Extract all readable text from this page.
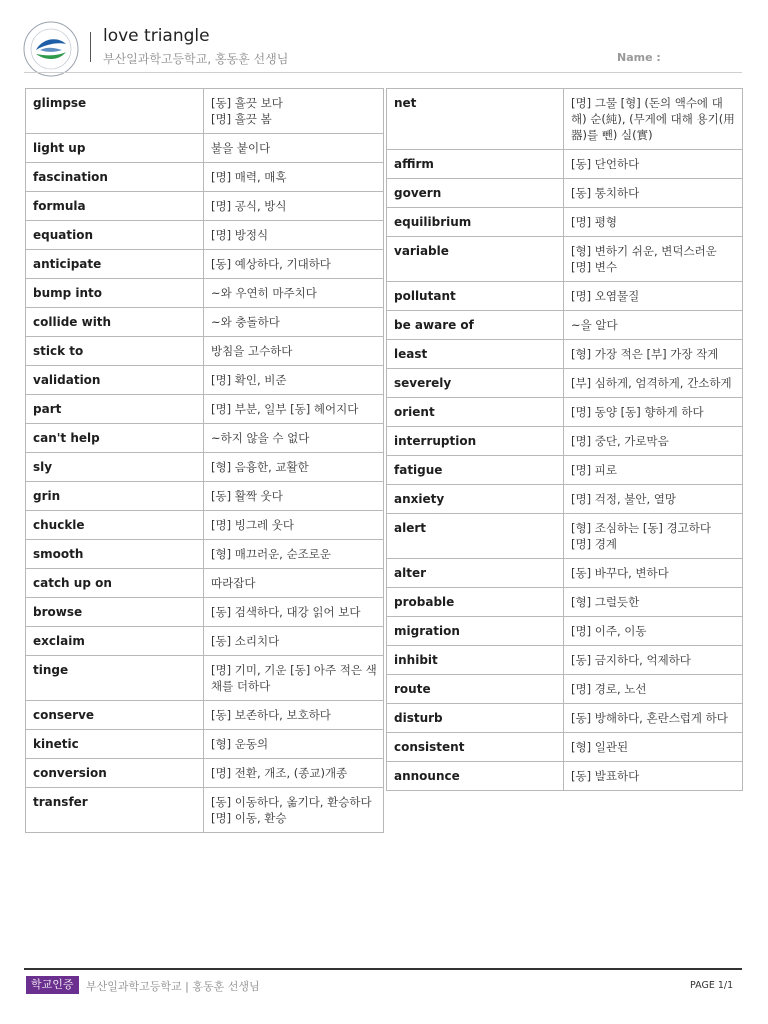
love triangle
부산일과학고등학교, 홍동훈 선생님	Name :
glimpse	[동] 흘끗 보다
[명] 흘끗 봄
light up	불을 붙이다
fascination	[명] 매력, 매혹
formula	[명] 공식, 방식
equation	[명] 방정식
anticipate	[동] 예상하다, 기대하다
bump into	~와 우연히 마주치다
collide with	~와 충돌하다
stick to	방침을 고수하다
validation	[명] 확인, 비준
part	[명] 부분, 일부 [동] 헤어지다
can't help	~하지 않을 수 없다
sly	[형] 음흉한, 교활한
grin	[동] 활짝 웃다
chuckle	[명] 빙그레 웃다
smooth	[형] 매끄러운, 순조로운
catch up on	따라잡다
browse	[동] 검색하다, 대강 읽어 보다
exclaim	[동] 소리치다
tinge	[명] 기미, 기운 [동] 아주 적은 색채를 더하다
conserve	[동] 보존하다, 보호하다
kinetic	[형] 운동의
conversion	[명] 전환, 개조, (종교)개종
transfer	[동] 이동하다, 옮기다, 환승하다
[명] 이동, 환승
net	[명] 그물 [형] (돈의 액수에 대해) 순(純), (무게에 대해 용기(用器)를 뺀) 실(實)
affirm	[동] 단언하다
govern	[동] 통치하다
equilibrium	[명] 평형
variable	[형] 변하기 쉬운, 변덕스러운
[명] 변수
pollutant	[명] 오염물질
be aware of	~을 알다
least	[형] 가장 적은 [부] 가장 작게
severely	[부] 심하게, 엄격하게, 간소하게
orient	[명] 동양 [동] 향하게 하다
interruption	[명] 중단, 가로막음
fatigue	[명] 피로
anxiety	[명] 걱정, 불안, 열망
alert	[형] 조심하는 [동] 경고하다
[명] 경계
alter	[동] 바꾸다, 변하다
probable	[형] 그럴듯한
migration	[명] 이주, 이동
inhibit	[동] 금지하다, 억제하다
route	[명] 경로, 노선
disturb	[동] 방해하다, 혼란스럽게 하다
consistent	[형] 일관된
announce	[동] 발표하다
학교인증	부산일과학고등학교 | 홍동훈 선생님	PAGE 1/1
